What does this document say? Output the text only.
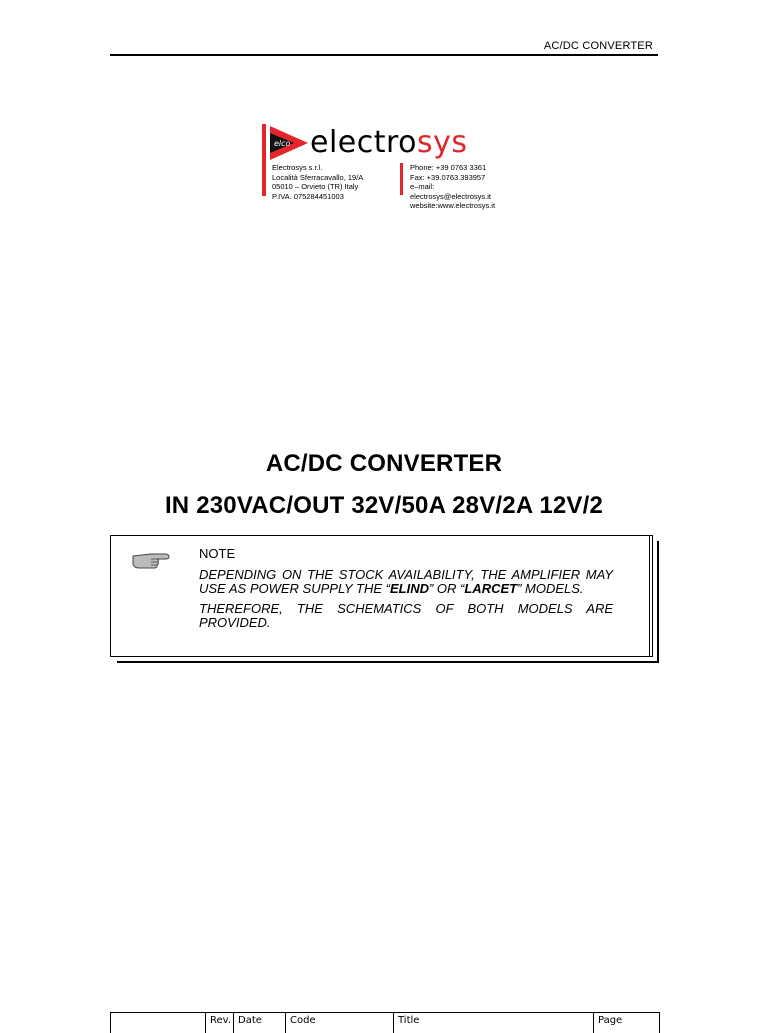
AC/DC CONVERTER
elco electrosys
Electrosys s.r.l.
Località Sferracavallo, 19/A
05010 – Orvieto (TR) Italy
P.IVA. 075284451003
Phone: +39 0763 3361
Fax: +39.0763.393957
e–mail: electrosys@electrosys.it
website:www.electrosys.it
AC/DC CONVERTER
IN 230VAC/OUT 32V/50A 28V/2A 12V/2
NOTE

DEPENDING ON THE STOCK AVAILABILITY, THE AMPLIFIER MAY USE AS POWER SUPPLY THE “ELIND” OR “LARCET” MODELS.

THEREFORE, THE SCHEMATICS OF BOTH MODELS ARE PROVIDED.

Rev. Date	Code	Title	Page
